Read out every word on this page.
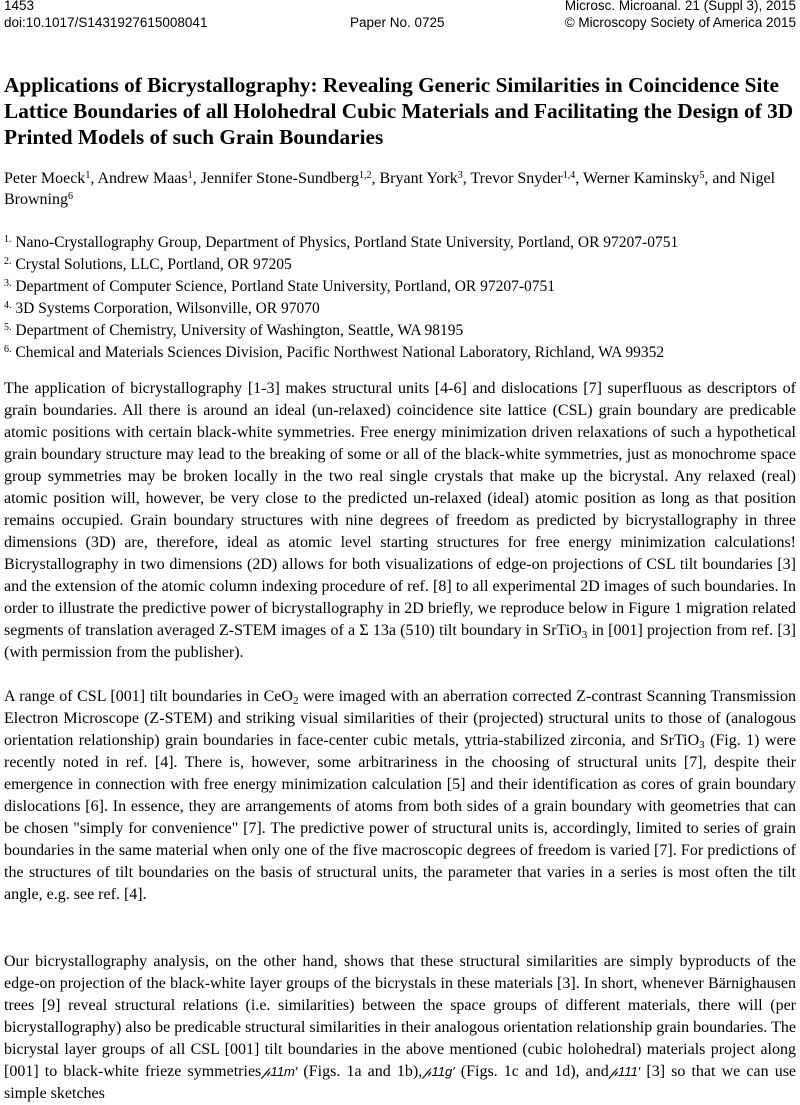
1453
doi:10.1017/S1431927615008041	Paper No. 0725
Microsc. Microanal. 21 (Suppl 3), 2015
© Microscopy Society of America 2015
Applications of Bicrystallography: Revealing Generic Similarities in Coincidence Site Lattice Boundaries of all Holohedral Cubic Materials and Facilitating the Design of 3D Printed Models of such Grain Boundaries
Peter Moeck$^1$, Andrew Maas$^1$, Jennifer Stone-Sundberg$^{1,2}$, Bryant York$^3$, Trevor Snyder$^{1,4}$, Werner Kaminsky$^5$, and Nigel Browning$^6$
$^{1.}$ Nano-Crystallography Group, Department of Physics, Portland State University, Portland, OR 97207-0751
$^{2.}$ Crystal Solutions, LLC, Portland, OR 97205
$^{3.}$ Department of Computer Science, Portland State University, Portland, OR 97207-0751
$^{4.}$ 3D Systems Corporation, Wilsonville, OR 97070
$^{5.}$ Department of Chemistry, University of Washington, Seattle, WA 98195
$^{6.}$ Chemical and Materials Sciences Division, Pacific Northwest National Laboratory, Richland, WA 99352

The application of bicrystallography [1-3] makes structural units [4-6] and dislocations [7] superfluous as descriptors of grain boundaries. All there is around an ideal (un-relaxed) coincidence site lattice (CSL) grain boundary are predicable atomic positions with certain black-white symmetries. Free energy minimization driven relaxations of such a hypothetical grain boundary structure may lead to the breaking of some or all of the black-white symmetries, just as monochrome space group symmetries may be broken locally in the two real single crystals that make up the bicrystal. Any relaxed (real) atomic position will, however, be very close to the predicted un-relaxed (ideal) atomic position as long as that position remains occupied. Grain boundary structures with nine degrees of freedom as predicted by bicrystallography in three dimensions (3D) are, therefore, ideal as atomic level starting structures for free energy minimization calculations! Bicrystallography in two dimensions (2D) allows for both visualizations of edge-on projections of CSL tilt boundaries [3] and the extension of the atomic column indexing procedure of ref. [8] to all experimental 2D images of such boundaries. In order to illustrate the predictive power of bicrystallography in 2D briefly, we reproduce below in Figure 1 migration related segments of translation averaged Z-STEM images of a Σ 13a (510) tilt boundary in SrTiO$_3$ in [001] projection from ref. [3] (with permission from the publisher).

A range of CSL [001] tilt boundaries in CeO$_2$ were imaged with an aberration corrected Z-contrast Scanning Transmission Electron Microscope (Z-STEM) and striking visual similarities of their (projected) structural units to those of (analogous orientation relationship) grain boundaries in face-center cubic metals, yttria-stabilized zirconia, and SrTiO$_3$ (Fig. 1) were recently noted in ref. [4]. There is, however, some arbitrariness in the choosing of structural units [7], despite their emergence in connection with free energy minimization calculation [5] and their identification as cores of grain boundary dislocations [6]. In essence, they are arrangements of atoms from both sides of a grain boundary with geometries that can be chosen "simply for convenience" [7]. The predictive power of structural units is, accordingly, limited to series of grain boundaries in the same material when only one of the five macroscopic degrees of freedom is varied [7]. For predictions of the structures of tilt boundaries on the basis of structural units, the parameter that varies in a series is most often the tilt angle, e.g. see ref. [4].

Our bicrystallography analysis, on the other hand, shows that these structural similarities are simply byproducts of the edge-on projection of the black-white layer groups of the bicrystals in these materials [3]. In short, whenever Bärnighausen trees [9] reveal structural relations (i.e. similarities) between the space groups of different materials, there will (per bicrystallography) also be predicable structural similarities in their analogous orientation relationship grain boundaries. The bicrystal layer groups of all CSL [001] tilt boundaries in the above mentioned (cubic holohedral) materials project along [001] to black-white frieze symmetries𝓅11m′ (Figs. 1a and 1b),𝓅11g′ (Figs. 1c and 1d), and𝓅111′ [3] so that we can use simple sketches
